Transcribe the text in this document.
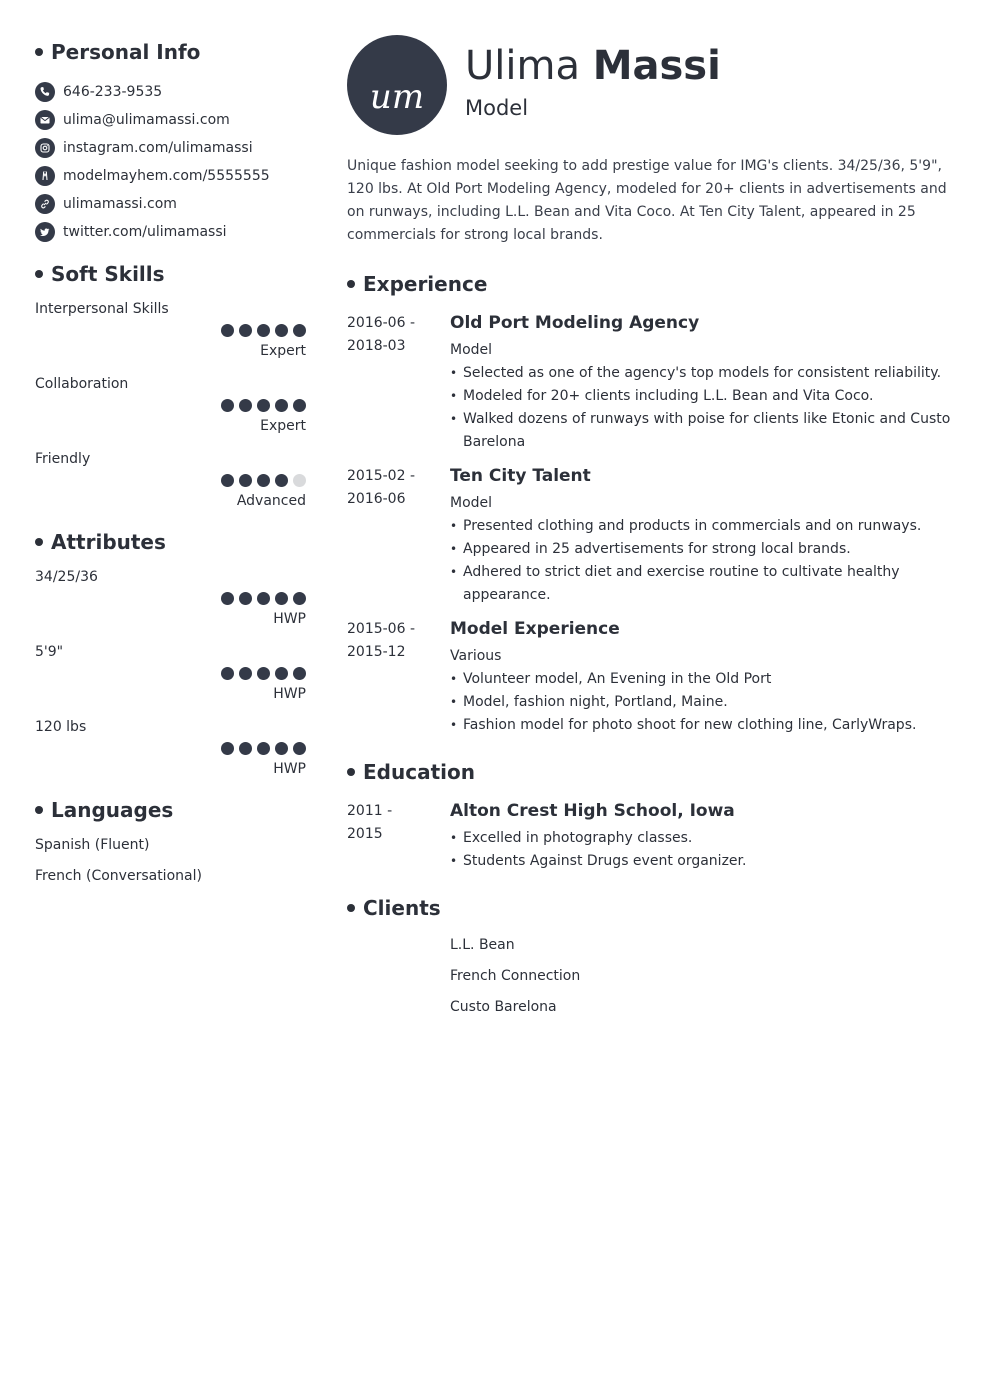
Personal Info
646-233-9535
ulima@ulimamassi.com
instagram.com/ulimamassi
modelmayhem.com/5555555
ulimamassi.com
twitter.com/ulimamassi
Soft Skills
Interpersonal Skills
Expert
Collaboration
Expert
Friendly
Advanced
Attributes
34/25/36
HWP
5'9"
HWP
120 lbs
HWP
Languages
Spanish (Fluent)
French (Conversational)
um
Ulima Massi
Model
Unique fashion model seeking to add prestige value for IMG's clients. 34/25/36, 5'9", 120 lbs. At Old Port Modeling Agency, modeled for 20+ clients in advertisements and on runways, including L.L. Bean and Vita Coco. At Ten City Talent, appeared in 25 commercials for strong local brands.
Experience
2016-06 -
2018-03
Old Port Modeling Agency
Model
• Selected as one of the agency's top models for consistent reliability.
• Modeled for 20+ clients including L.L. Bean and Vita Coco.
• Walked dozens of runways with poise for clients like Etonic and Custo Barelona
2015-02 -
2016-06
Ten City Talent
Model
• Presented clothing and products in commercials and on runways.
• Appeared in 25 advertisements for strong local brands.
• Adhered to strict diet and exercise routine to cultivate healthy appearance.
2015-06 -
2015-12
Model Experience
Various
• Volunteer model, An Evening in the Old Port
• Model, fashion night, Portland, Maine.
• Fashion model for photo shoot for new clothing line, CarlyWraps.
Education
2011 -
2015
Alton Crest High School, Iowa
• Excelled in photography classes.
• Students Against Drugs event organizer.
Clients
L.L. Bean
French Connection
Custo Barelona
